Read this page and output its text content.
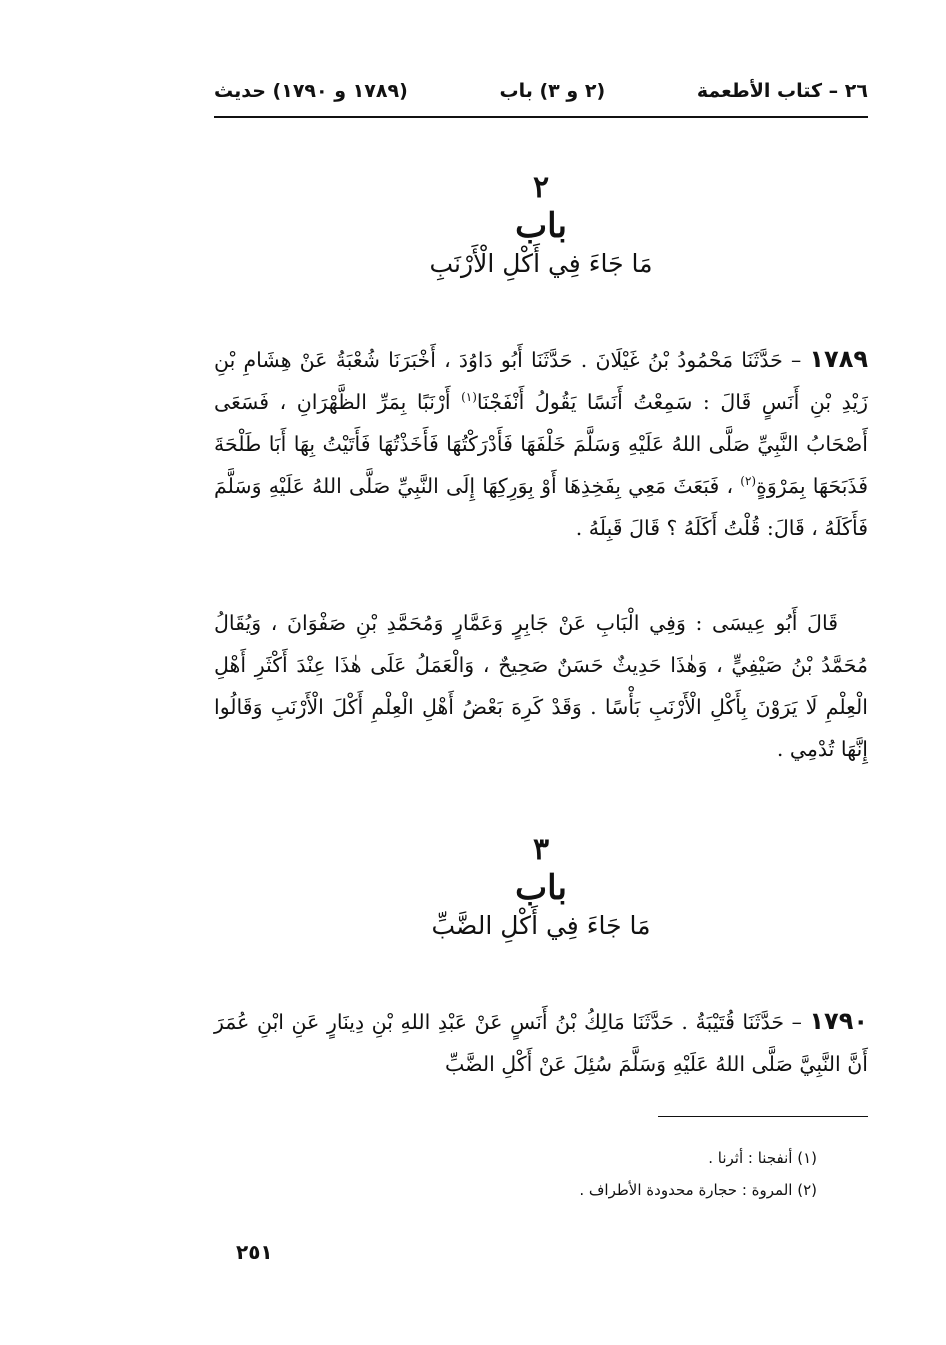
٢٦ – كتاب الأطعمة
(٢ و ٣) باب
(١٧٨٩ و ١٧٩٠) حديث
٢
باب
مَا جَاءَ فِي أَكْلِ الْأَرْنَبِ

١٧٨٩ – حَدَّثَنَا مَحْمُودُ بْنُ غَيْلَانَ . حَدَّثَنَا أَبُو دَاوُدَ ، أَخْبَرَنَا شُعْبَةُ عَنْ هِشَامِ بْنِ زَيْدِ بْنِ أَنَسٍ قَالَ : سَمِعْتُ أَنَسًا يَقُولُ أَنْفَجْنَا$^{(١)}$ أَرْنَبًا بِمَرِّ الظَّهْرَانِ ، فَسَعَى أَصْحَابُ النَّبِيِّ صَلَّى اللهُ عَلَيْهِ وَسَلَّمَ خَلْفَهَا فَأَدْرَكْتُهَا فَأَخَذْتُهَا فَأَتَيْتُ بِهَا أَبَا طَلْحَةَ فَذَبَحَهَا بِمَرْوَةٍ$^{(٢)}$ ، فَبَعَثَ مَعِي بِفَخِذِهَا أَوْ بِوَرِكِهَا إِلَى النَّبِيِّ صَلَّى اللهُ عَلَيْهِ وَسَلَّمَ فَأَكَلَهُ ، قَالَ: قُلْتُ أَكَلَهُ ؟ قَالَ قَبِلَهُ .

قَالَ أَبُو عِيسَى : وَفِي الْبَابِ عَنْ جَابِرٍ وَعَمَّارٍ وَمُحَمَّدِ بْنِ صَفْوَانَ ، وَيُقَالُ مُحَمَّدُ بْنُ صَيْفِيٍّ ، وَهٰذَا حَدِيثٌ حَسَنٌ صَحِيحٌ ، وَالْعَمَلُ عَلَى هٰذَا عِنْدَ أَكْثَرِ أَهْلِ الْعِلْمِ لَا يَرَوْنَ بِأَكْلِ الْأَرْنَبِ بَأْسًا . وَقَدْ كَرِهَ بَعْضُ أَهْلِ الْعِلْمِ أَكْلَ الْأَرْنَبِ وَقَالُوا إِنَّهَا تُدْمِي .

٣
باب
مَا جَاءَ فِي أَكْلِ الضَّبِّ

١٧٩٠ – حَدَّثَنَا قُتَيْبَةُ . حَدَّثَنَا مَالِكُ بْنُ أَنَسٍ عَنْ عَبْدِ اللهِ بْنِ دِينَارٍ عَنِ ابْنِ عُمَرَ أَنَّ النَّبِيَّ صَلَّى اللهُ عَلَيْهِ وَسَلَّمَ سُئِلَ عَنْ أَكْلِ الضَّبِّ

(١) أنفجنا : أثرنا .
(٢) المروة : حجارة محدودة الأطراف .
٢٥١
